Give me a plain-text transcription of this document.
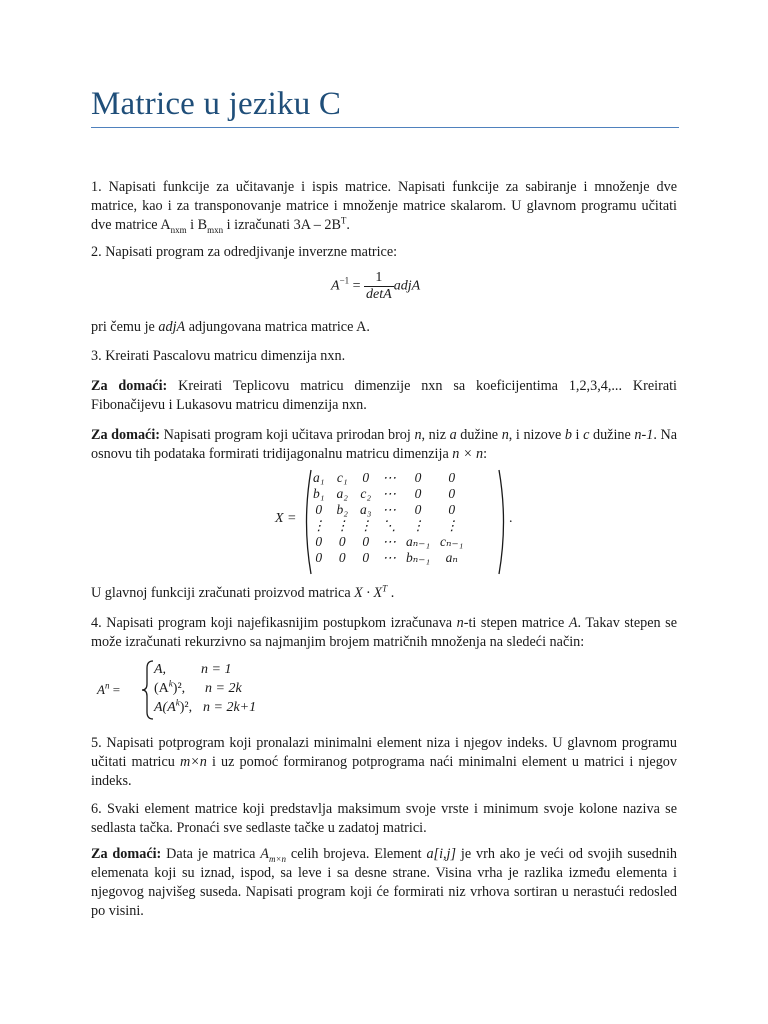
Matrice u jeziku C

1. Napisati funkcije za učitavanje i ispis matrice. Napisati funkcije za sabiranje i množenje dve matrice, kao i za transponovanje matrice i množenje matrice skalarom. U glavnom programu učitati dve matrice $A_{nxm}$ i $B_{mxn}$ i izračunati $3A - 2B^T$.

2. Napisati program za odredjivanje inverzne matrice:

$A^{-1} = \frac{1}{\det A}$ adjA

pri čemu je adjA adjungovana matrica matrice A.

3. Kreirati Pascalovu matricu dimenzija nxn.

Za domaći: Kreirati Teplicovu matricu dimenzije nxn sa koeficijentima 1,2,3,4,... Kreirati Fibonačijevu i Lukasovu matricu dimenzija nxn.

Za domaći: Napisati program koji učitava prirodan broj n, niz a dužine n, i nizove b i c dužine n-1. Na osnovu tih podataka formirati tridijagonalnu matricu dimenzija n × n:

X =
a₁	c₁	0	⋯	0	0
b₁	a₂	c₂	⋯	0	0
0	b₂	a₃	⋯	0	0
⋮	⋮	⋮	⋱	⋮	⋮
0	0	0	⋯	aₙ₋₁	cₙ₋₁
0	0	0	⋯	bₙ₋₁	aₙ
.

U glavnoj funkciji zračunati proizvod matrica $X \cdot X^T$ .

4. Napisati program koji najefikasnijim postupkom izračunava n-ti stepen matrice A. Takav stepen se može izračunati rekurzivno sa najmanjim brojem matričnih množenja na sledeći način:

$A^n$ =
A, n = 1
$(A^k)^2$, n = 2k
$A(A^k)^2$, n = 2k+1

5. Napisati potprogram koji pronalazi minimalni element niza i njegov indeks. U glavnom programu učitati matricu m×n i uz pomoć formiranog potprograma naći minimalni element u matrici i njegov indeks.

6. Svaki element matrice koji predstavlja maksimum svoje vrste i minimum svoje kolone naziva se sedlasta tačka. Pronaći sve sedlaste tačke u zadatoj matrici.

Za domaći: Data je matrica $A_{m\times n}$ celih brojeva. Element a[i,j] je vrh ako je veći od svojih susednih elemenata koji su iznad, ispod, sa leve i sa desne strane. Visina vrha je razlika između elementa i njegovog najvišeg suseda. Napisati program koji će formirati niz vrhova sortiran u nerastući redosled po visini.
